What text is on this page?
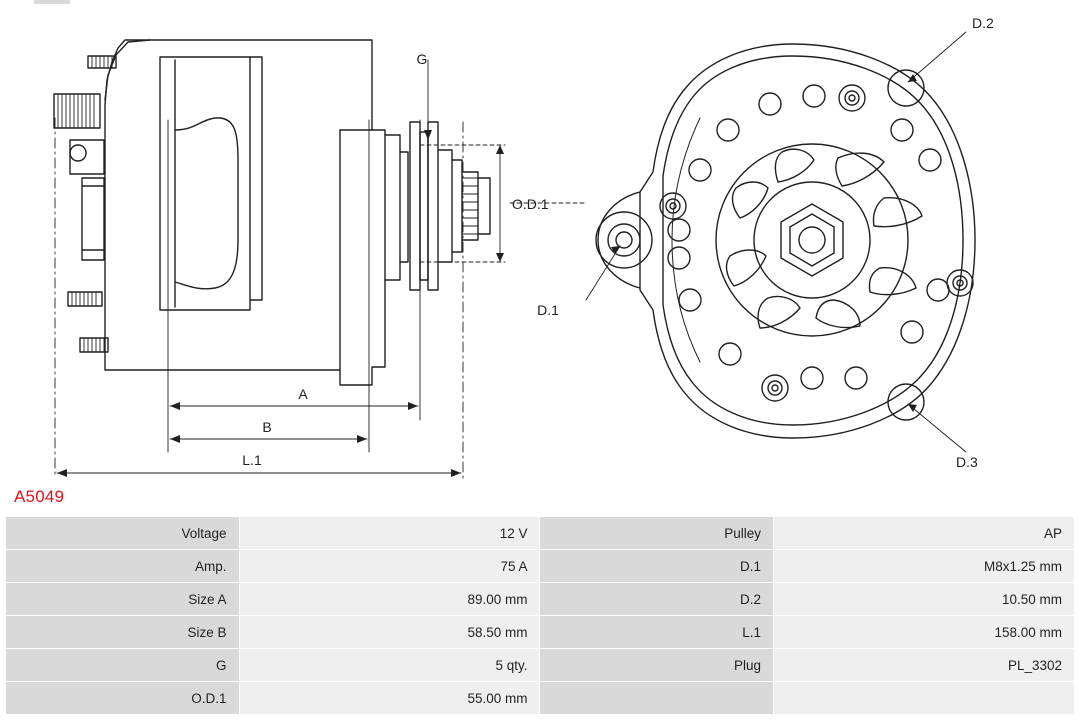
G
O.D.1
A
B
L.1
D.1
D.2
D.3
A5049
Voltage	12 V	Pulley	AP
Amp.	75 A	D.1	M8x1.25 mm
Size A	89.00 mm	D.2	10.50 mm
Size B	58.50 mm	L.1	158.00 mm
G	5 qty.	Plug	PL_3302
O.D.1	55.00 mm		
